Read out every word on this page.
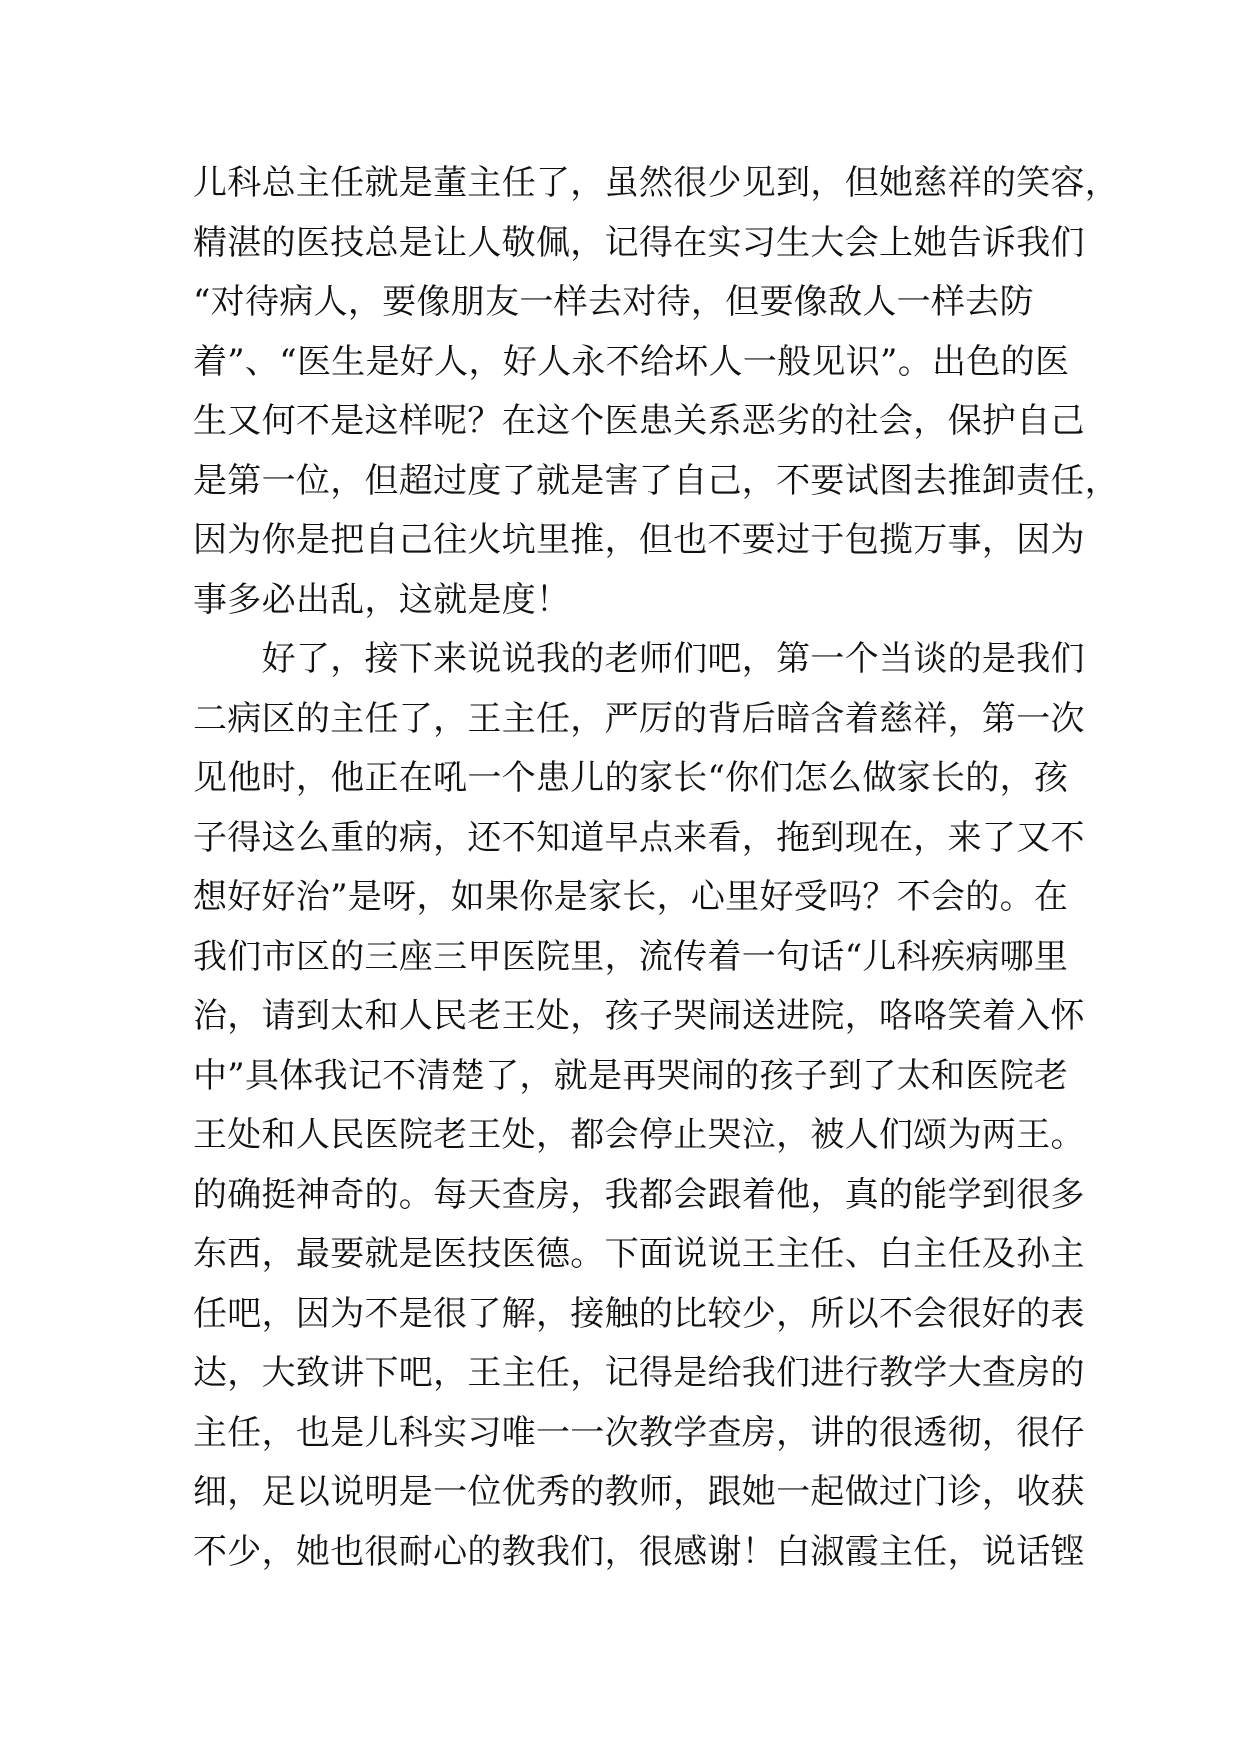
儿科总主任就是董主任了，虽然很少见到，但她慈祥的笑容，
精湛的医技总是让人敬佩，记得在实习生大会上她告诉我们
“对待病人，要像朋友一样去对待，但要像敌人一样去防
着”、“医生是好人，好人永不给坏人一般见识”。出色的医
生又何不是这样呢？在这个医患关系恶劣的社会，保护自己
是第一位，但超过度了就是害了自己，不要试图去推卸责任，
因为你是把自己往火坑里推，但也不要过于包揽万事，因为
事多必出乱，这就是度！
　　好了，接下来说说我的老师们吧，第一个当谈的是我们
二病区的主任了，王主任，严厉的背后暗含着慈祥，第一次
见他时，他正在吼一个患儿的家长“你们怎么做家长的，孩
子得这么重的病，还不知道早点来看，拖到现在，来了又不
想好好治”是呀，如果你是家长，心里好受吗？不会的。在
我们市区的三座三甲医院里，流传着一句话“儿科疾病哪里
治，请到太和人民老王处，孩子哭闹送进院，咯咯笑着入怀
中”具体我记不清楚了，就是再哭闹的孩子到了太和医院老
王处和人民医院老王处，都会停止哭泣，被人们颂为两王。
的确挺神奇的。每天查房，我都会跟着他，真的能学到很多
东西，最要就是医技医德。下面说说王主任、白主任及孙主
任吧，因为不是很了解，接触的比较少，所以不会很好的表
达，大致讲下吧，王主任，记得是给我们进行教学大查房的
主任，也是儿科实习唯一一次教学查房，讲的很透彻，很仔
细，足以说明是一位优秀的教师，跟她一起做过门诊，收获
不少，她也很耐心的教我们，很感谢！白淑霞主任，说话铿
